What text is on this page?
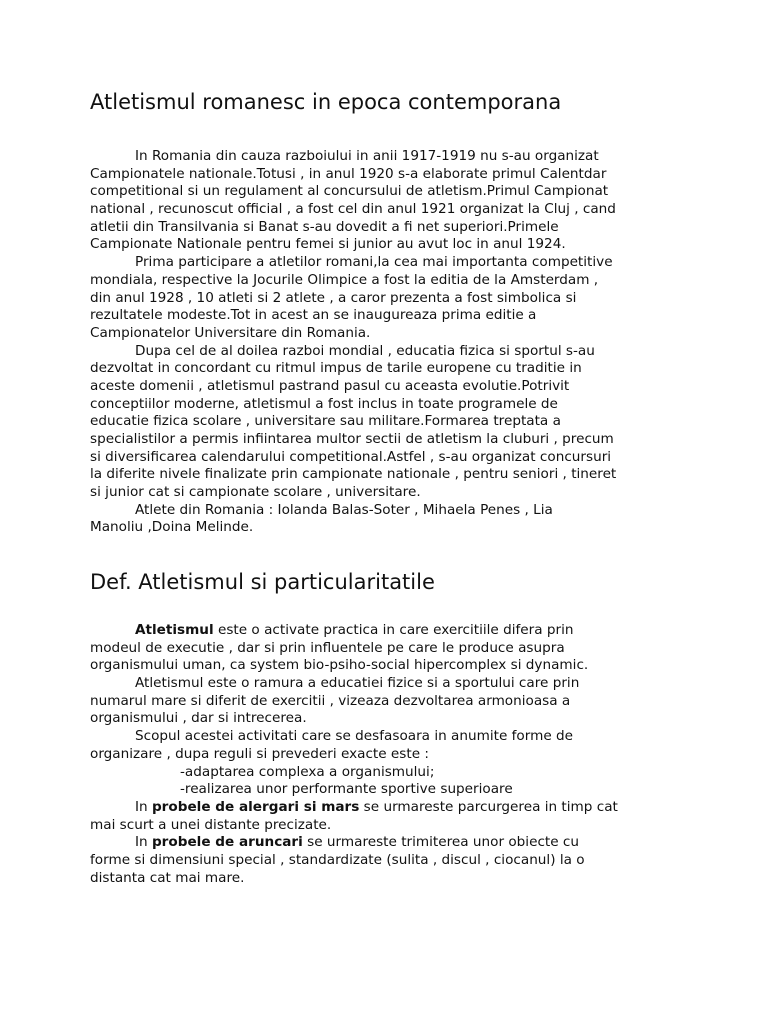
Atletismul romanesc in epoca contemporana
In Romania din cauza razboiului in anii 1917-1919 nu s-au organizat
Campionatele nationale.Totusi , in anul 1920 s-a elaborate primul Calentdar
competitional si un regulament al concursului de atletism.Primul Campionat
national , recunoscut official , a fost cel din anul 1921 organizat la Cluj , cand
atletii din Transilvania si Banat s-au dovedit a fi net superiori.Primele
Campionate Nationale pentru femei si junior au avut loc in anul 1924.
Prima participare a atletilor romani,la cea mai importanta competitive
mondiala, respective la Jocurile Olimpice a fost la editia de la Amsterdam ,
din anul 1928 , 10 atleti si 2 atlete , a caror prezenta a fost simbolica si
rezultatele modeste.Tot in acest an se inaugureaza prima editie a
Campionatelor Universitare din Romania.
Dupa cel de al doilea razboi mondial , educatia fizica si sportul s-au
dezvoltat in concordant cu ritmul impus de tarile europene cu traditie in
aceste domenii , atletismul pastrand pasul cu aceasta evolutie.Potrivit
conceptiilor moderne, atletismul a fost inclus in toate programele de
educatie fizica scolare , universitare sau militare.Formarea treptata a
specialistilor a permis infiintarea multor sectii de atletism la cluburi , precum
si diversificarea calendarului competitional.Astfel , s-au organizat concursuri
la diferite nivele finalizate prin campionate nationale , pentru seniori , tineret
si junior cat si campionate scolare , universitare.
Atlete din Romania : Iolanda Balas-Soter , Mihaela Penes , Lia
Manoliu ,Doina Melinde.
Def. Atletismul si particularitatile
Atletismul este o activate practica in care exercitiile difera prin
modeul de executie , dar si prin influentele pe care le produce asupra
organismului uman, ca system bio-psiho-social hipercomplex si dynamic.
Atletismul este o ramura a educatiei fizice si a sportului care prin
numarul mare si diferit de exercitii , vizeaza dezvoltarea armonioasa a
organismului , dar si intrecerea.
Scopul acestei activitati care se desfasoara in anumite forme de
organizare , dupa reguli si prevederi exacte este :
-adaptarea complexa a organismului;
-realizarea unor performante sportive superioare
In probele de alergari si mars se urmareste parcurgerea in timp cat
mai scurt a unei distante precizate.
In probele de aruncari se urmareste trimiterea unor obiecte cu
forme si dimensiuni special , standardizate (sulita , discul , ciocanul) la o
distanta cat mai mare.
